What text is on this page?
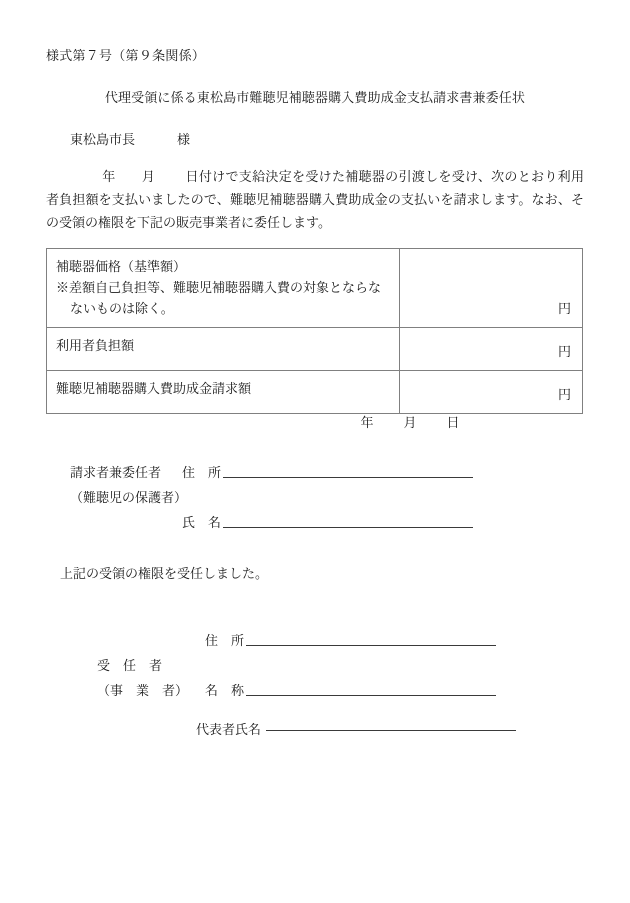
様式第７号（第９条関係）
代理受領に係る東松島市難聴児補聴器購入費助成金支払請求書兼委任状
東松島市長	様
年 月 日付けで支給決定を受けた補聴器の引渡しを受け、次のとおり利用者負担額を支払いましたので、難聴児補聴器購入費助成金の支払いを請求します。なお、その受領の権限を下記の販売事業者に委任します。
補聴器価格（基準額）
※差額自己負担等、難聴児補聴器購入費の対象とならな
ないものは除く。	円

利用者負担額	円

難聴児補聴器購入費助成金請求額	円
年 月 日
請求者兼委任者	住　所
（難聴児の保護者）
氏　名
上記の受領の権限を受任しました。
住　所
受　任　者
（事　業　者）	名　称
代表者氏名
